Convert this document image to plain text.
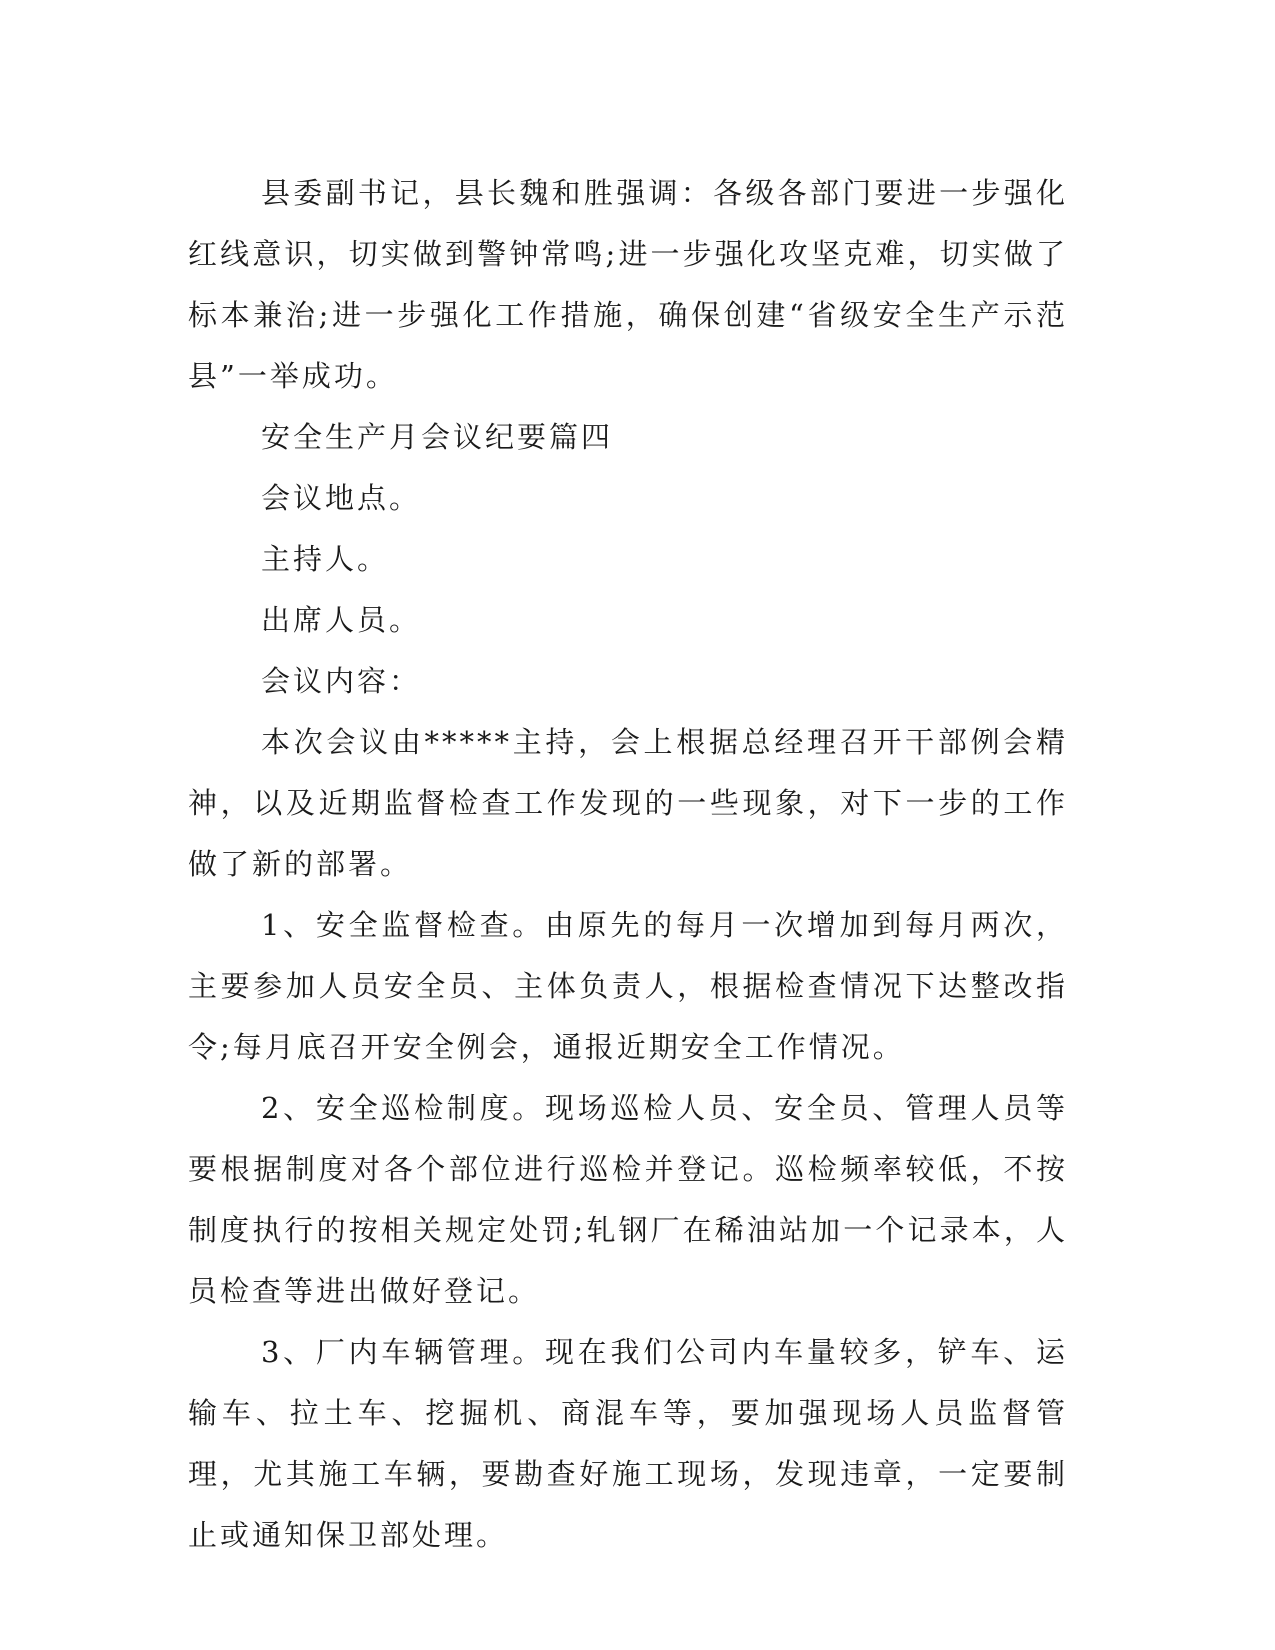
县委副书记，县长魏和胜强调：各级各部门要进一步强化红线意识，切实做到警钟常鸣;进一步强化攻坚克难，切实做了标本兼治;进一步强化工作措施，确保创建“省级安全生产示范县”一举成功。

安全生产月会议纪要篇四

会议地点。

主持人。

出席人员。

会议内容：

本次会议由*****主持，会上根据总经理召开干部例会精神，以及近期监督检查工作发现的一些现象，对下一步的工作做了新的部署。

1、安全监督检查。由原先的每月一次增加到每月两次，主要参加人员安全员、主体负责人，根据检查情况下达整改指令;每月底召开安全例会，通报近期安全工作情况。

2、安全巡检制度。现场巡检人员、安全员、管理人员等要根据制度对各个部位进行巡检并登记。巡检频率较低，不按制度执行的按相关规定处罚;轧钢厂在稀油站加一个记录本，人员检查等进出做好登记。

3、厂内车辆管理。现在我们公司内车量较多，铲车、运输车、拉土车、挖掘机、商混车等，要加强现场人员监督管理，尤其施工车辆，要勘查好施工现场，发现违章，一定要制止或通知保卫部处理。
